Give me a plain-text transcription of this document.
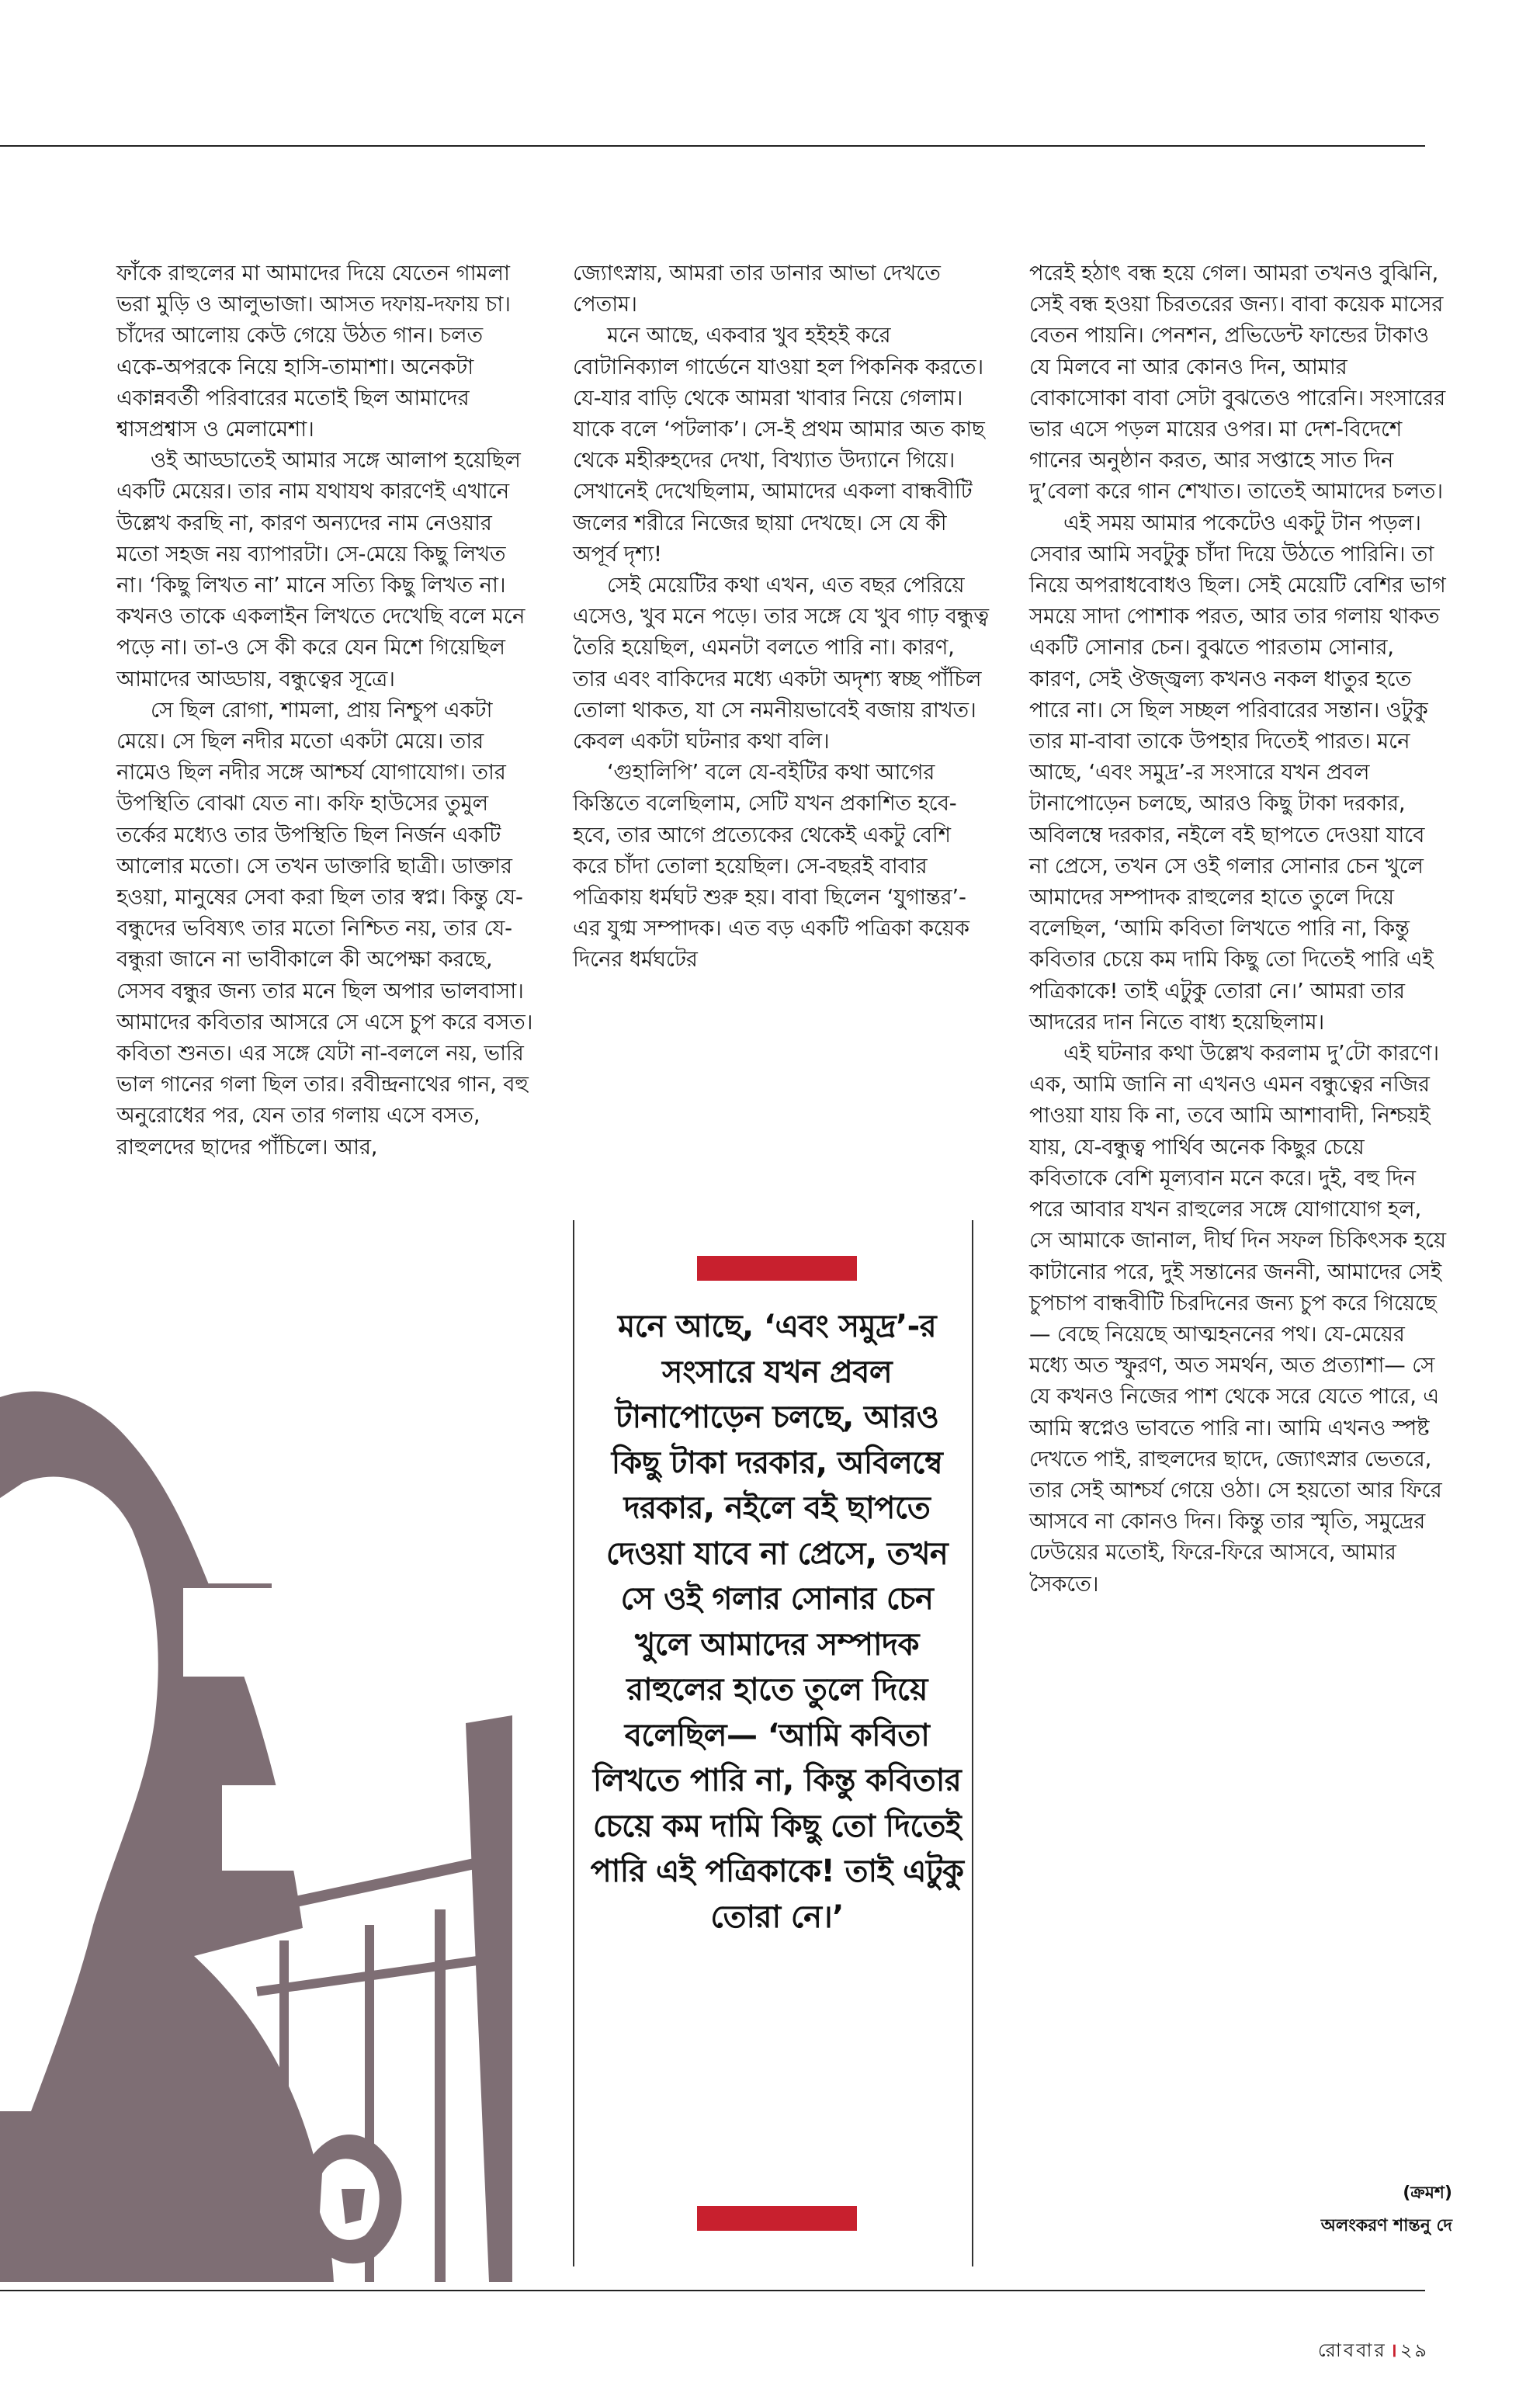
ফাঁকে রাহুলের মা আমাদের দিয়ে যেতেন গামলা ভরা মুড়ি ও আলুভাজা। আসত দফায়-দফায় চা। চাঁদের আলোয় কেউ গেয়ে উঠত গান। চলত একে-অপরকে নিয়ে হাসি-তামাশা। অনেকটা একান্নবর্তী পরিবারের মতোই ছিল আমাদের শ্বাসপ্রশ্বাস ও মেলামেশা।

ওই আড্ডাতেই আমার সঙ্গে আলাপ হয়েছিল একটি মেয়ের। তার নাম যথাযথ কারণেই এখানে উল্লেখ করছি না, কারণ অন্যদের নাম নেওয়ার মতো সহজ নয় ব্যাপারটা। সে-মেয়ে কিছু লিখত না। ‘কিছু লিখত না’ মানে সত্যি কিছু লিখত না। কখনও তাকে একলাইন লিখতে দেখেছি বলে মনে পড়ে না। তা-ও সে কী করে যেন মিশে গিয়েছিল আমাদের আড্ডায়, বন্ধুত্বের সূত্রে।

সে ছিল রোগা, শামলা, প্রায় নিশ্চুপ একটা মেয়ে। সে ছিল নদীর মতো একটা মেয়ে। তার নামেও ছিল নদীর সঙ্গে আশ্চর্য যোগাযোগ। তার উপস্থিতি বোঝা যেত না। কফি হাউসের তুমুল তর্কের মধ্যেও তার উপস্থিতি ছিল নির্জন একটি আলোর মতো। সে তখন ডাক্তারি ছাত্রী। ডাক্তার হওয়া, মানুষের সেবা করা ছিল তার স্বপ্ন। কিন্তু যে-বন্ধুদের ভবিষ্যৎ তার মতো নিশ্চিত নয়, তার যে-বন্ধুরা জানে না ভাবীকালে কী অপেক্ষা করছে, সেসব বন্ধুর জন্য তার মনে ছিল অপার ভালবাসা। আমাদের কবিতার আসরে সে এসে চুপ করে বসত। কবিতা শুনত। এর সঙ্গে যেটা না-বললে নয়, ভারি ভাল গানের গলা ছিল তার। রবীন্দ্রনাথের গান, বহু অনুরোধের পর, যেন তার গলায় এসে বসত, রাহুলদের ছাদের পাঁচিলে। আর,

জ্যোৎস্নায়, আমরা তার ডানার আভা দেখতে পেতাম।

মনে আছে, একবার খুব হইহই করে বোটানিক্যাল গার্ডেনে যাওয়া হল পিকনিক করতে। যে-যার বাড়ি থেকে আমরা খাবার নিয়ে গেলাম। যাকে বলে ‘পটলাক’। সে-ই প্রথম আমার অত কাছ থেকে মহীরুহদের দেখা, বিখ্যাত উদ্যানে গিয়ে। সেখানেই দেখেছিলাম, আমাদের একলা বান্ধবীটি জলের শরীরে নিজের ছায়া দেখছে। সে যে কী অপূর্ব দৃশ্য!

সেই মেয়েটির কথা এখন, এত বছর পেরিয়ে এসেও, খুব মনে পড়ে। তার সঙ্গে যে খুব গাঢ় বন্ধুত্ব তৈরি হয়েছিল, এমনটা বলতে পারি না। কারণ, তার এবং বাকিদের মধ্যে একটা অদৃশ্য স্বচ্ছ পাঁচিল তোলা থাকত, যা সে নমনীয়ভাবেই বজায় রাখত। কেবল একটা ঘটনার কথা বলি।

‘গুহালিপি’ বলে যে-বইটির কথা আগের কিস্তিতে বলেছিলাম, সেটি যখন প্রকাশিত হবে-হবে, তার আগে প্রত্যেকের থেকেই একটু বেশি করে চাঁদা তোলা হয়েছিল। সে-বছরই বাবার পত্রিকায় ধর্মঘট শুরু হয়। বাবা ছিলেন ‘যুগান্তর’-এর যুগ্ম সম্পাদক। এত বড় একটি পত্রিকা কয়েক দিনের ধর্মঘটের

মনে আছে, ‘এবং সমুদ্র’-র সংসারে যখন প্রবল টানাপোড়েন চলছে, আরও কিছু টাকা দরকার, অবিলম্বে দরকার, নইলে বই ছাপতে দেওয়া যাবে না প্রেসে, তখন সে ওই গলার সোনার চেন খুলে আমাদের সম্পাদক রাহুলের হাতে তুলে দিয়ে বলেছিল— ‘আমি কবিতা লিখতে পারি না, কিন্তু কবিতার চেয়ে কম দামি কিছু তো দিতেই পারি এই পত্রিকাকে! তাই এটুকু তোরা নে।’

পরেই হঠাৎ বন্ধ হয়ে গেল। আমরা তখনও বুঝিনি, সেই বন্ধ হওয়া চিরতরের জন্য। বাবা কয়েক মাসের বেতন পায়নি। পেনশন, প্রভিডেন্ট ফান্ডের টাকাও যে মিলবে না আর কোনও দিন, আমার বোকাসোকা বাবা সেটা বুঝতেও পারেনি। সংসারের ভার এসে পড়ল মায়ের ওপর। মা দেশ-বিদেশে গানের অনুষ্ঠান করত, আর সপ্তাহে সাত দিন দু’বেলা করে গান শেখাত। তাতেই আমাদের চলত।

এই সময় আমার পকেটেও একটু টান পড়ল। সেবার আমি সবটুকু চাঁদা দিয়ে উঠতে পারিনি। তা নিয়ে অপরাধবোধও ছিল। সেই মেয়েটি বেশির ভাগ সময়ে সাদা পোশাক পরত, আর তার গলায় থাকত একটি সোনার চেন। বুঝতে পারতাম সোনার, কারণ, সেই ঔজ্জ্বল্য কখনও নকল ধাতুর হতে পারে না। সে ছিল সচ্ছল পরিবারের সন্তান। ওটুকু তার মা-বাবা তাকে উপহার দিতেই পারত। মনে আছে, ‘এবং সমুদ্র’-র সংসারে যখন প্রবল টানাপোড়েন চলছে, আরও কিছু টাকা দরকার, অবিলম্বে দরকার, নইলে বই ছাপতে দেওয়া যাবে না প্রেসে, তখন সে ওই গলার সোনার চেন খুলে আমাদের সম্পাদক রাহুলের হাতে তুলে দিয়ে বলেছিল, ‘আমি কবিতা লিখতে পারি না, কিন্তু কবিতার চেয়ে কম দামি কিছু তো দিতেই পারি এই পত্রিকাকে! তাই এটুকু তোরা নে।’ আমরা তার আদরের দান নিতে বাধ্য হয়েছিলাম।

এই ঘটনার কথা উল্লেখ করলাম দু’টো কারণে। এক, আমি জানি না এখনও এমন বন্ধুত্বের নজির পাওয়া যায় কি না, তবে আমি আশাবাদী, নিশ্চয়ই যায়, যে-বন্ধুত্ব পার্থিব অনেক কিছুর চেয়ে কবিতাকে বেশি মূল্যবান মনে করে। দুই, বহু দিন পরে আবার যখন রাহুলের সঙ্গে যোগাযোগ হল, সে আমাকে জানাল, দীর্ঘ দিন সফল চিকিৎসক হয়ে কাটানোর পরে, দুই সন্তানের জননী, আমাদের সেই চুপচাপ বান্ধবীটি চিরদিনের জন্য চুপ করে গিয়েছে— বেছে নিয়েছে আত্মহননের পথ। যে-মেয়ের মধ্যে অত স্ফুরণ, অত সমর্থন, অত প্রত্যাশা— সে যে কখনও নিজের পাশ থেকে সরে যেতে পারে, এ আমি স্বপ্নেও ভাবতে পারি না। আমি এখনও স্পষ্ট দেখতে পাই, রাহুলদের ছাদে, জ্যোৎস্নার ভেতরে, তার সেই আশ্চর্য গেয়ে ওঠা। সে হয়তো আর ফিরে আসবে না কোনও দিন। কিন্তু তার স্মৃতি, সমুদ্রের ঢেউয়ের মতোই, ফিরে-ফিরে আসবে, আমার সৈকতে।

(ক্রমশ)
অলংকরণ শান্তনু দে
রোববার । ২৯
